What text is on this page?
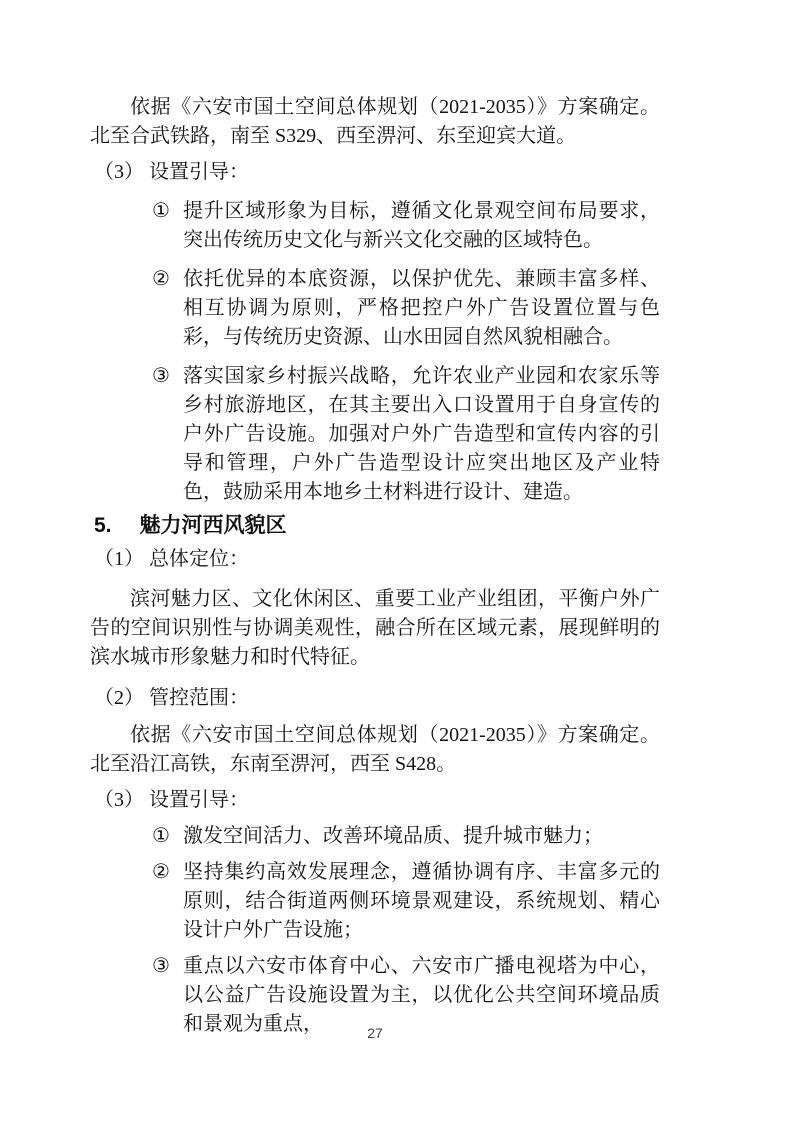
依据《六安市国土空间总体规划（2021-2035）》方案确定。北至合武铁路，南至 S329、西至淠河、东至迎宾大道。
（3） 设置引导：
① 提升区域形象为目标，遵循文化景观空间布局要求，突出传统历史文化与新兴文化交融的区域特色。
② 依托优异的本底资源，以保护优先、兼顾丰富多样、相互协调为原则，严格把控户外广告设置位置与色彩，与传统历史资源、山水田园自然风貌相融合。
③ 落实国家乡村振兴战略，允许农业产业园和农家乐等乡村旅游地区，在其主要出入口设置用于自身宣传的户外广告设施。加强对户外广告造型和宣传内容的引导和管理，户外广告造型设计应突出地区及产业特色，鼓励采用本地乡土材料进行设计、建造。
5. 魅力河西风貌区
（1） 总体定位：
滨河魅力区、文化休闲区、重要工业产业组团，平衡户外广告的空间识别性与协调美观性，融合所在区域元素，展现鲜明的滨水城市形象魅力和时代特征。
（2） 管控范围：
依据《六安市国土空间总体规划（2021-2035）》方案确定。北至沿江高铁，东南至淠河，西至 S428。
（3） 设置引导：
① 激发空间活力、改善环境品质、提升城市魅力；
② 坚持集约高效发展理念，遵循协调有序、丰富多元的原则，结合街道两侧环境景观建设，系统规划、精心设计户外广告设施；
③ 重点以六安市体育中心、六安市广播电视塔为中心，以公益广告设施设置为主，以优化公共空间环境品质和景观为重点，	27
